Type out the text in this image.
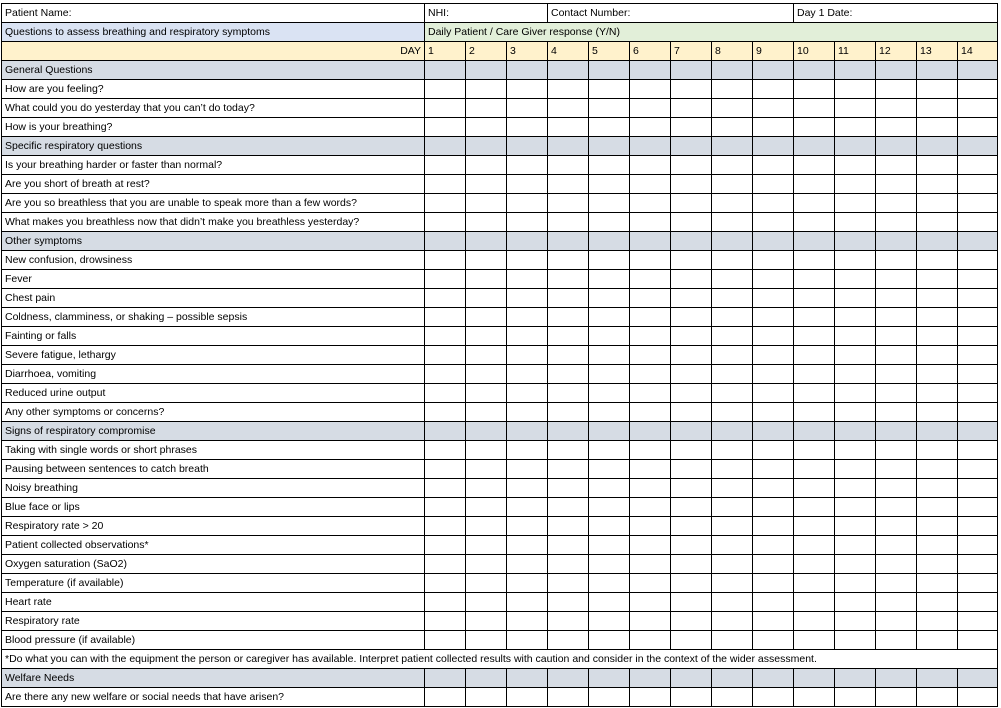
Patient Name:	NHI:			Contact Number:						Day 1 Date:				
Questions to assess breathing and respiratory symptoms	Daily Patient / Care Giver response (Y/N)													
DAY	1	2	3	4	5	6	7	8	9	10	11	12	13	14
General Questions														
How are you feeling?														
What could you do yesterday that you can’t do today?														
How is your breathing?														
Specific respiratory questions														
Is your breathing harder or faster than normal?														
Are you short of breath at rest?														
Are you so breathless that you are unable to speak more than a few words?														
What makes you breathless now that didn’t make you breathless yesterday?														
Other symptoms														
New confusion, drowsiness														
Fever														
Chest pain														
Coldness, clamminess, or shaking – possible sepsis														
Fainting or falls														
Severe fatigue, lethargy														
Diarrhoea, vomiting														
Reduced urine output														
Any other symptoms or concerns?														
Signs of respiratory compromise														
Taking with single words or short phrases														
Pausing between sentences to catch breath														
Noisy breathing														
Blue face or lips														
Respiratory rate > 20														
Patient collected observations*														
Oxygen saturation (SaO2)														
Temperature (if available)														
Heart rate														
Respiratory rate														
Blood pressure (if available)														
*Do what you can with the equipment the person or caregiver has available. Interpret patient collected results with caution and consider in the context of the wider assessment.														
Welfare Needs														
Are there any new welfare or social needs that have arisen?														
